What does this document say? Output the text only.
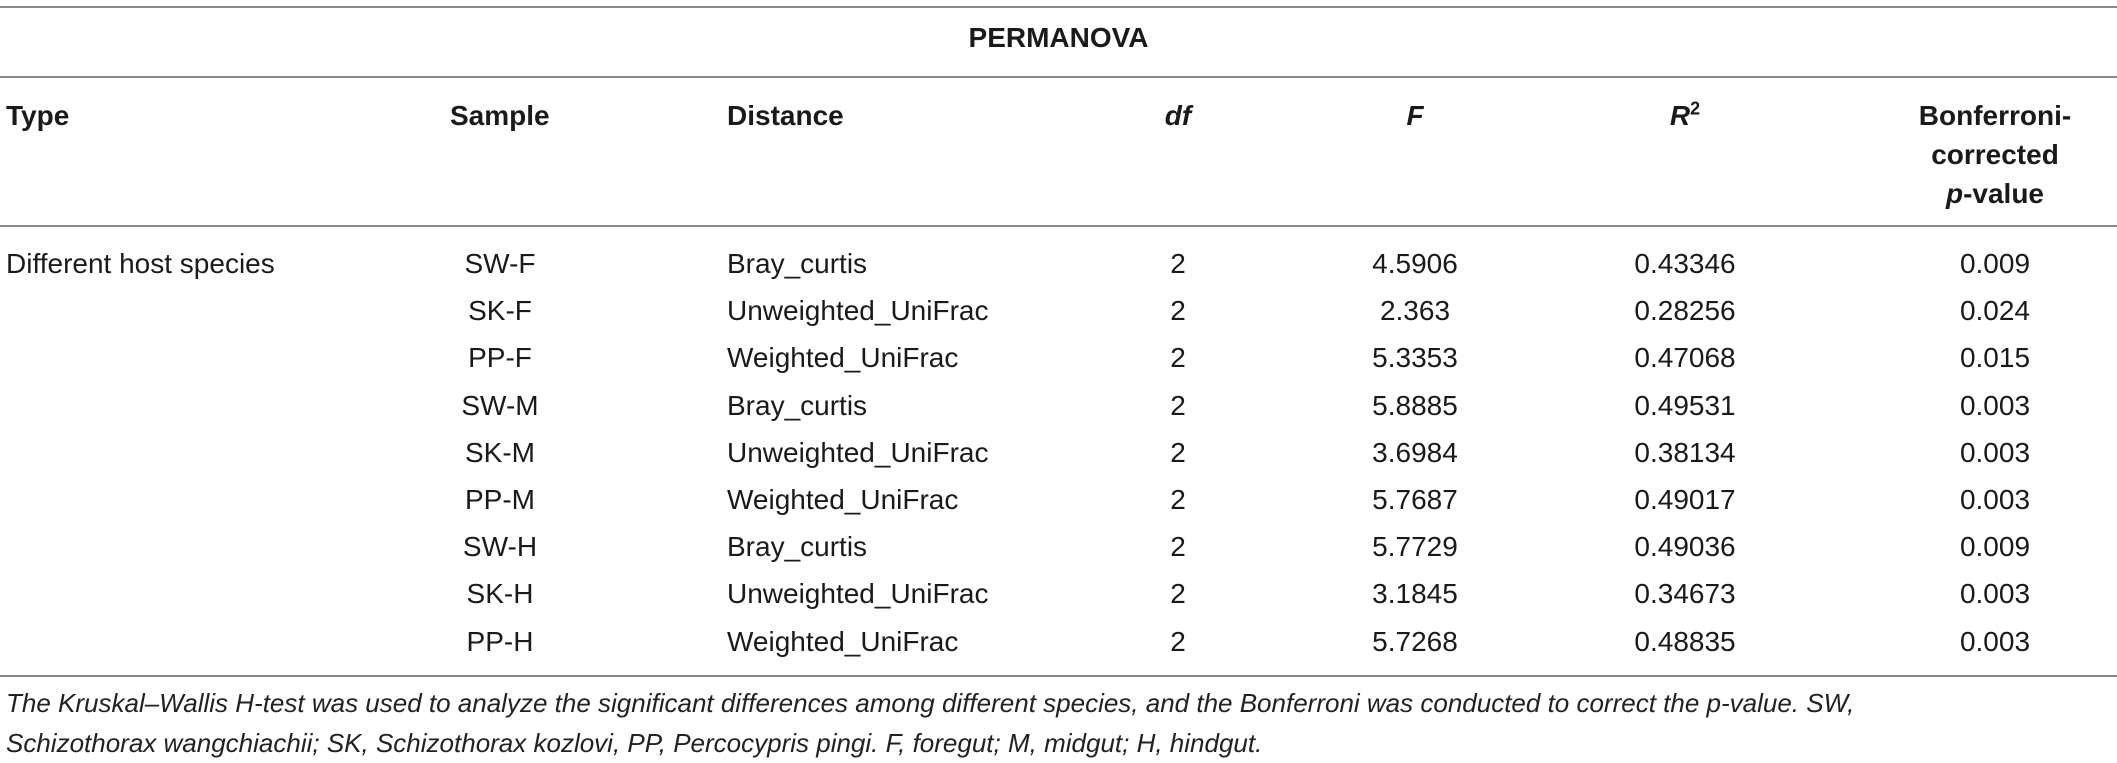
PERMANOVA
Type	Sample	Distance	df	F	$R^2$	Bonferroni-
corrected
p-value
Different host species	SW-F	Bray_curtis	2	4.5906	0.43346	0.009
SK-F	Unweighted_UniFrac	2	2.363	0.28256	0.024
PP-F	Weighted_UniFrac	2	5.3353	0.47068	0.015
SW-M	Bray_curtis	2	5.8885	0.49531	0.003
SK-M	Unweighted_UniFrac	2	3.6984	0.38134	0.003
PP-M	Weighted_UniFrac	2	5.7687	0.49017	0.003
SW-H	Bray_curtis	2	5.7729	0.49036	0.009
SK-H	Unweighted_UniFrac	2	3.1845	0.34673	0.003
PP-H	Weighted_UniFrac	2	5.7268	0.48835	0.003
The Kruskal–Wallis H-test was used to analyze the significant differences among different species, and the Bonferroni was conducted to correct the p-value. SW,
Schizothorax wangchiachii; SK, Schizothorax kozlovi, PP, Percocypris pingi. F, foregut; M, midgut; H, hindgut.
